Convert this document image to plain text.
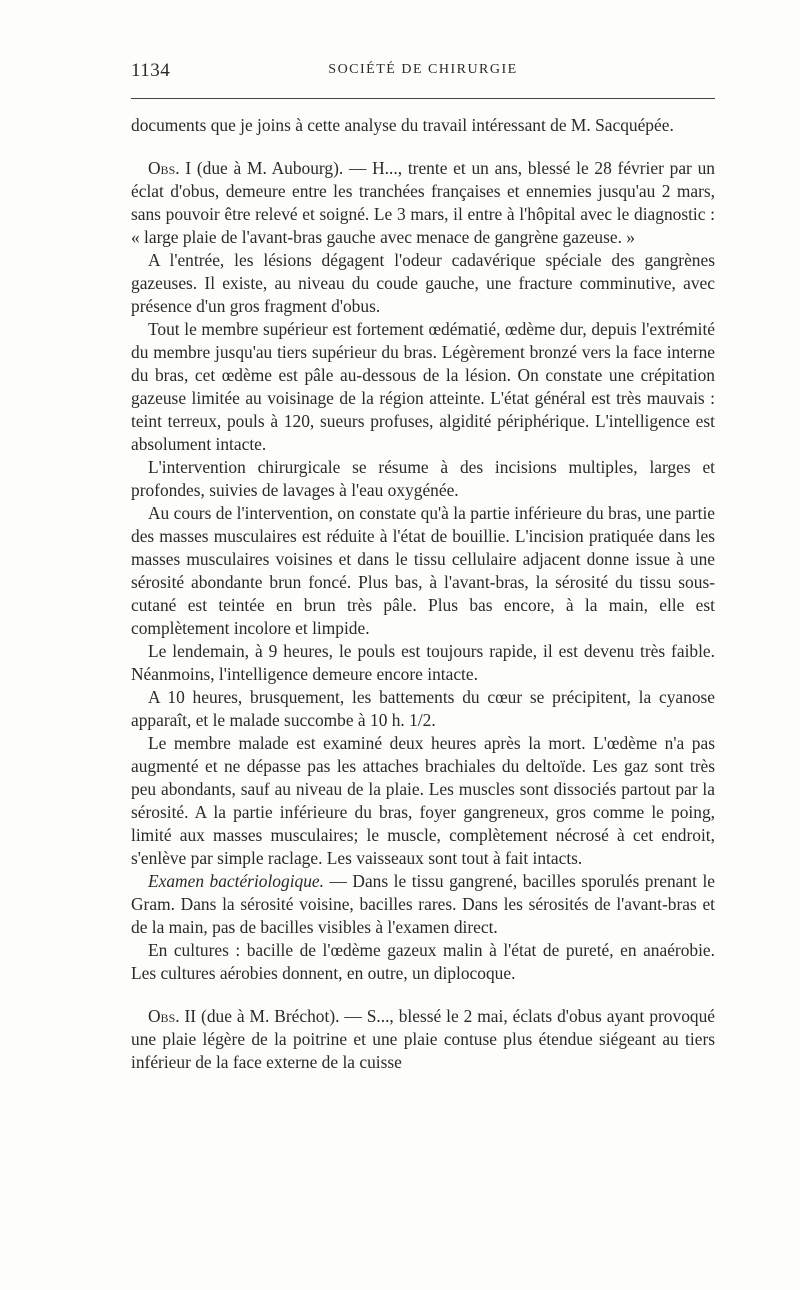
1134	SOCIÉTÉ DE CHIRURGIE

documents que je joins à cette analyse du travail intéressant de M. Sacquépée.

Obs. I (due à M. Aubourg). — H..., trente et un ans, blessé le 28 février par un éclat d'obus, demeure entre les tranchées françaises et ennemies jusqu'au 2 mars, sans pouvoir être relevé et soigné. Le 3 mars, il entre à l'hôpital avec le diagnostic : « large plaie de l'avant-bras gauche avec menace de gangrène gazeuse. »

A l'entrée, les lésions dégagent l'odeur cadavérique spéciale des gangrènes gazeuses. Il existe, au niveau du coude gauche, une fracture comminutive, avec présence d'un gros fragment d'obus.

Tout le membre supérieur est fortement œdématié, œdème dur, depuis l'extrémité du membre jusqu'au tiers supérieur du bras. Légèrement bronzé vers la face interne du bras, cet œdème est pâle au-dessous de la lésion. On constate une crépitation gazeuse limitée au voisinage de la région atteinte. L'état général est très mauvais : teint terreux, pouls à 120, sueurs profuses, algidité périphérique. L'intelligence est absolument intacte.

L'intervention chirurgicale se résume à des incisions multiples, larges et profondes, suivies de lavages à l'eau oxygénée.

Au cours de l'intervention, on constate qu'à la partie inférieure du bras, une partie des masses musculaires est réduite à l'état de bouillie. L'incision pratiquée dans les masses musculaires voisines et dans le tissu cellulaire adjacent donne issue à une sérosité abondante brun foncé. Plus bas, à l'avant-bras, la sérosité du tissu sous-cutané est teintée en brun très pâle. Plus bas encore, à la main, elle est complètement incolore et limpide.

Le lendemain, à 9 heures, le pouls est toujours rapide, il est devenu très faible. Néanmoins, l'intelligence demeure encore intacte.

A 10 heures, brusquement, les battements du cœur se précipitent, la cyanose apparaît, et le malade succombe à 10 h. 1/2.

Le membre malade est examiné deux heures après la mort. L'œdème n'a pas augmenté et ne dépasse pas les attaches brachiales du deltoïde. Les gaz sont très peu abondants, sauf au niveau de la plaie. Les muscles sont dissociés partout par la sérosité. A la partie inférieure du bras, foyer gangreneux, gros comme le poing, limité aux masses musculaires; le muscle, complètement nécrosé à cet endroit, s'enlève par simple raclage. Les vaisseaux sont tout à fait intacts.

Examen bactériologique. — Dans le tissu gangrené, bacilles sporulés prenant le Gram. Dans la sérosité voisine, bacilles rares. Dans les sérosités de l'avant-bras et de la main, pas de bacilles visibles à l'examen direct.

En cultures : bacille de l'œdème gazeux malin à l'état de pureté, en anaérobie. Les cultures aérobies donnent, en outre, un diplocoque.

Obs. II (due à M. Bréchot). — S..., blessé le 2 mai, éclats d'obus ayant provoqué une plaie légère de la poitrine et une plaie contuse plus étendue siégeant au tiers inférieur de la face externe de la cuisse
